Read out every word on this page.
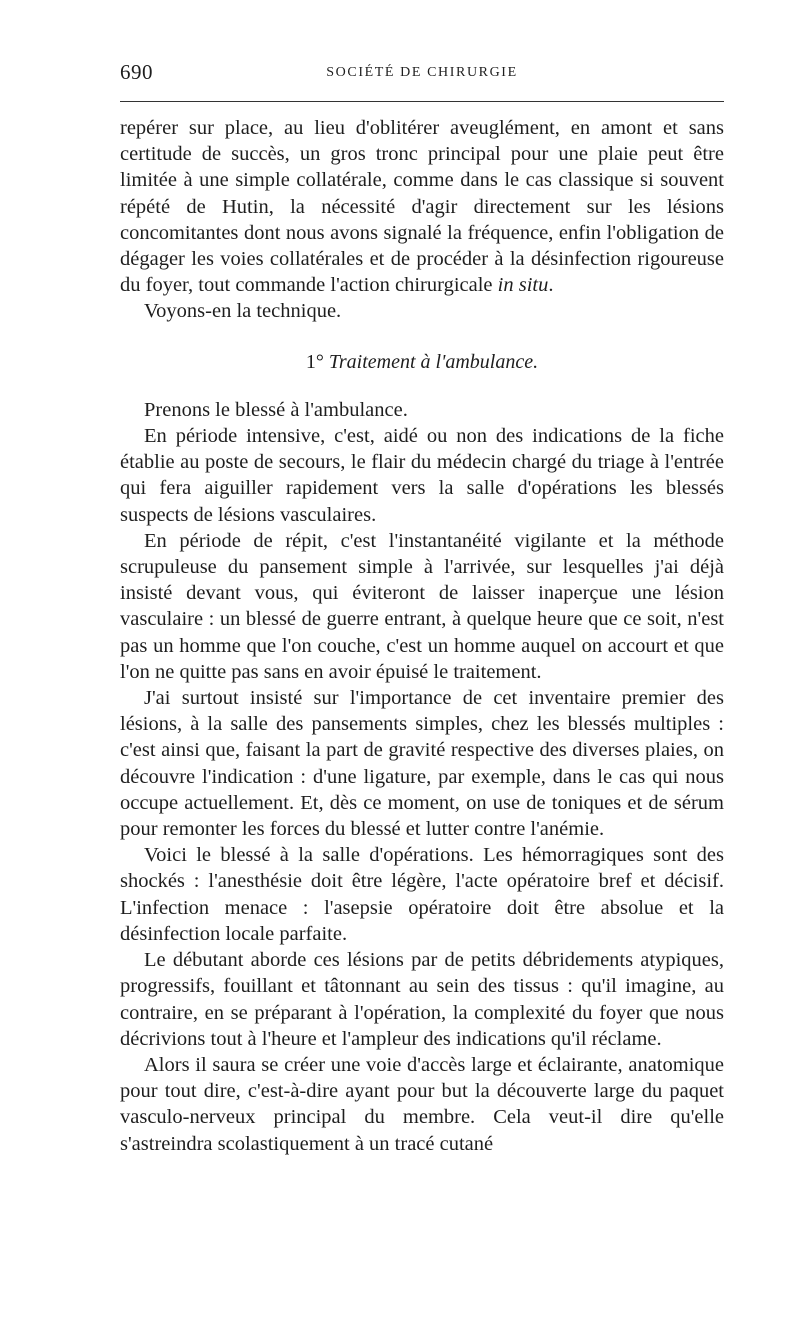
690	SOCIÉTÉ DE CHIRURGIE

repérer sur place, au lieu d'oblitérer aveuglément, en amont et sans certitude de succès, un gros tronc principal pour une plaie peut être limitée à une simple collatérale, comme dans le cas classique si souvent répété de Hutin, la nécessité d'agir directement sur les lésions concomitantes dont nous avons signalé la fréquence, enfin l'obligation de dégager les voies collatérales et de procéder à la désinfection rigoureuse du foyer, tout commande l'action chirurgicale in situ.

Voyons-en la technique.

1° Traitement à l'ambulance.

Prenons le blessé à l'ambulance.

En période intensive, c'est, aidé ou non des indications de la fiche établie au poste de secours, le flair du médecin chargé du triage à l'entrée qui fera aiguiller rapidement vers la salle d'opérations les blessés suspects de lésions vasculaires.

En période de répit, c'est l'instantanéité vigilante et la méthode scrupuleuse du pansement simple à l'arrivée, sur lesquelles j'ai déjà insisté devant vous, qui éviteront de laisser inaperçue une lésion vasculaire : un blessé de guerre entrant, à quelque heure que ce soit, n'est pas un homme que l'on couche, c'est un homme auquel on accourt et que l'on ne quitte pas sans en avoir épuisé le traitement.

J'ai surtout insisté sur l'importance de cet inventaire premier des lésions, à la salle des pansements simples, chez les blessés multiples : c'est ainsi que, faisant la part de gravité respective des diverses plaies, on découvre l'indication : d'une ligature, par exemple, dans le cas qui nous occupe actuellement. Et, dès ce moment, on use de toniques et de sérum pour remonter les forces du blessé et lutter contre l'anémie.

Voici le blessé à la salle d'opérations. Les hémorragiques sont des shockés : l'anesthésie doit être légère, l'acte opératoire bref et décisif. L'infection menace : l'asepsie opératoire doit être absolue et la désinfection locale parfaite.

Le débutant aborde ces lésions par de petits débridements atypiques, progressifs, fouillant et tâtonnant au sein des tissus : qu'il imagine, au contraire, en se préparant à l'opération, la complexité du foyer que nous décrivions tout à l'heure et l'ampleur des indications qu'il réclame.

Alors il saura se créer une voie d'accès large et éclairante, anatomique pour tout dire, c'est-à-dire ayant pour but la découverte large du paquet vasculo-nerveux principal du membre. Cela veut-il dire qu'elle s'astreindra scolastiquement à un tracé cutané
